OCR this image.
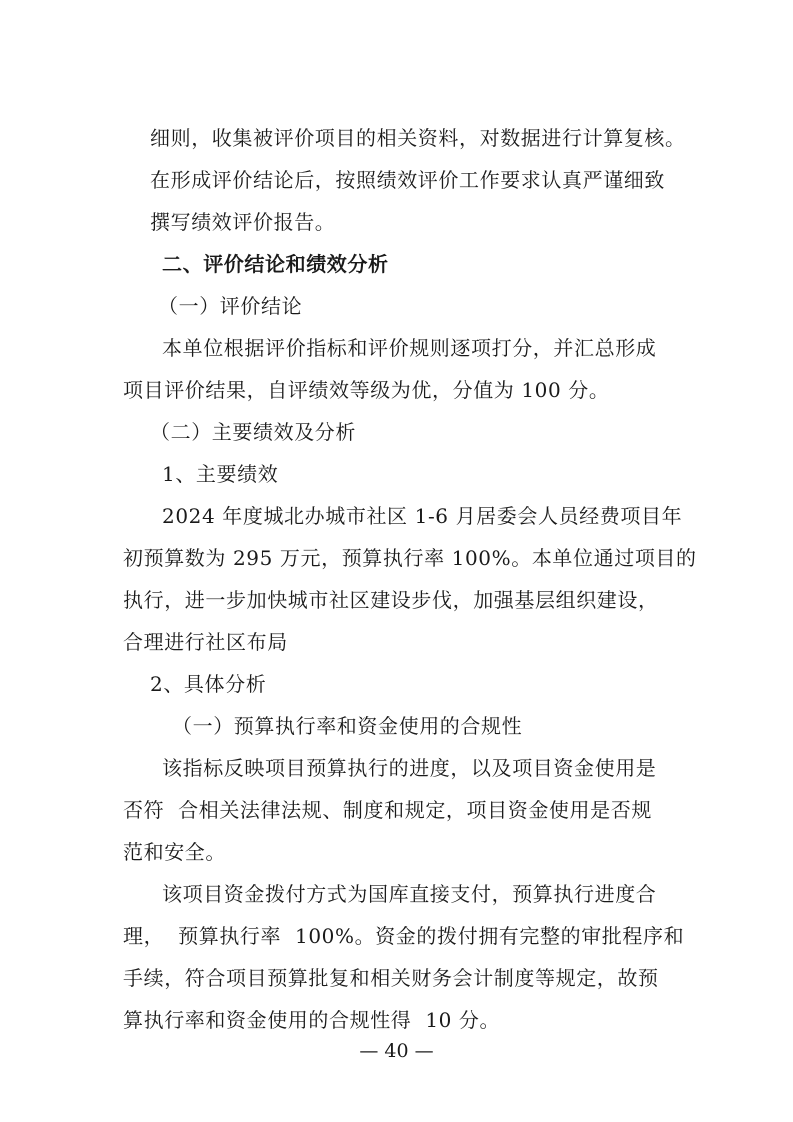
细则，收集被评价项目的相关资料，对数据进行计算复核。

在形成评价结论后，按照绩效评价工作要求认真严谨细致

撰写绩效评价报告。

二、评价结论和绩效分析

（一）评价结论

本单位根据评价指标和评价规则逐项打分，并汇总形成

项目评价结果，自评绩效等级为优，分值为 100 分。

（二）主要绩效及分析

1、主要绩效

2024 年度城北办城市社区 1-6 月居委会人员经费项目年

初预算数为 295 万元，预算执行率 100%。本单位通过项目的

执行，进一步加快城市社区建设步伐，加强基层组织建设，

合理进行社区布局

2、具体分析

（一）预算执行率和资金使用的合规性

该指标反映项目预算执行的进度，以及项目资金使用是

否符  合相关法律法规、制度和规定，项目资金使用是否规

范和安全。

该项目资金拨付方式为国库直接支付，预算执行进度合

理，  预算执行率  100%。资金的拨付拥有完整的审批程序和

手续，符合项目预算批复和相关财务会计制度等规定，故预

算执行率和资金使用的合规性得  10 分。

— 40 —
